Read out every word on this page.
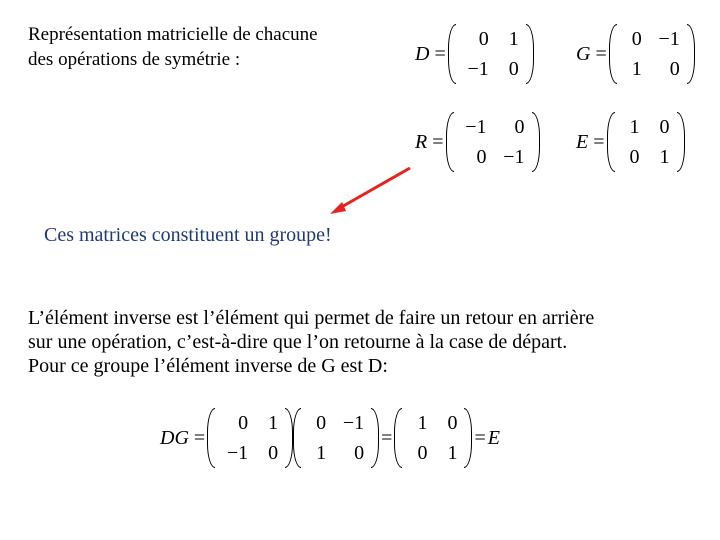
Représentation matricielle de chacune
des opérations de symétrie :	D =
0	1
−1	0
G =
0	−1
1	0
R =
−1	0
0	−1
E =
1	0
0	1
Ces matrices constituent un groupe!
L’élément inverse est l’élément qui permet de faire un retour en arrière
sur une opération, c’est-à-dire que l’on retourne à la case de départ.
Pour ce groupe l’élément inverse de G est D:
DG =
0	1
−1	0
0	−1
1	0
=
1	0
0	1
= E
